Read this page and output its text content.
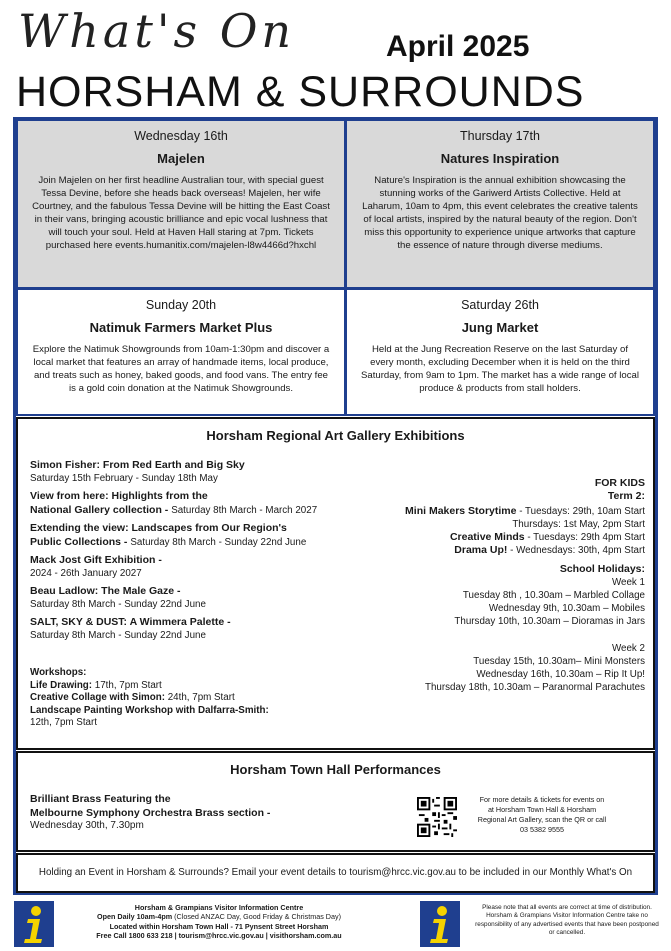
What's On	April 2025
HORSHAM & SURROUNDS
Wednesday 16th
Majelen
Join Majelen on her first headline Australian tour, with special guest Tessa Devine, before she heads back overseas! Majelen, her wife Courtney, and the fabulous Tessa Devine will be hitting the East Coast in their vans, bringing acoustic brilliance and epic vocal lushness that will touch your soul. Held at Haven Hall staring at 7pm. Tickets purchased here events.humanitix.com/majelen-l8w4466d?hxchl
Thursday 17th
Natures Inspiration
Nature's Inspiration is the annual exhibition showcasing the stunning works of the Gariwerd Artists Collective. Held at Laharum, 10am to 4pm, this event celebrates the creative talents of local artists, inspired by the natural beauty of the region. Don't miss this opportunity to experience unique artworks that capture the essence of nature through diverse mediums.
Sunday 20th
Natimuk Farmers Market Plus
Explore the Natimuk Showgrounds from 10am-1:30pm and discover a local market that features an array of handmade items, local produce, and treats such as honey, baked goods, and food vans. The entry fee is a gold coin donation at the Natimuk Showgrounds.
Saturday 26th
Jung Market
Held at the Jung Recreation Reserve on the last Saturday of every month, excluding December when it is held on the third Saturday, from 9am to 1pm. The market has a wide range of local produce & products from stall holders.
Horsham Regional Art Gallery Exhibitions
Simon Fisher: From Red Earth and Big Sky
Saturday 15th February - Sunday 18th May
View from here: Highlights from the
National Gallery collection - Saturday 8th March - March 2027
Extending the view: Landscapes from Our Region's
Public Collections - Saturday 8th March - Sunday 22nd June
Mack Jost Gift Exhibition -
2024 - 26th January 2027
Beau Ladlow: The Male Gaze -
Saturday 8th March - Sunday 22nd June
SALT, SKY & DUST: A Wimmera Palette -
Saturday 8th March - Sunday 22nd June
Workshops:
Life Drawing: 17th, 7pm Start
Creative Collage with Simon: 24th, 7pm Start
Landscape Painting Workshop with Dalfarra-Smith:
12th, 7pm Start
FOR KIDS
Term 2:

Mini Makers Storytime - Tuesdays: 29th, 10am Start
Thursdays: 1st May, 2pm Start
Creative Minds - Tuesdays: 29th 4pm Start
Drama Up! - Wednesdays: 30th, 4pm Start
School Holidays:
Week 1
Tuesday 8th , 10.30am – Marbled Collage
Wednesday 9th, 10.30am – Mobiles
Thursday 10th, 10.30am – Dioramas in Jars
Week 2
Tuesday 15th, 10.30am– Mini Monsters
Wednesday 16th, 10.30am – Rip It Up!
Thursday 18th, 10.30am – Paranormal Parachutes
Horsham Town Hall Performances
Brilliant Brass Featuring the
Melbourne Symphony Orchestra Brass section -
Wednesday 30th, 7.30pm
For more details & tickets for events on
at Horsham Town Hall & Horsham
Regional Art Gallery, scan the QR or call
03 5382 9555
Holding an Event in Horsham & Surrounds? Email your event details to tourism@hrcc.vic.gov.au to be included in our Monthly What's On
Horsham & Grampians Visitor Information Centre
Open Daily 10am-4pm (Closed ANZAC Day, Good Friday & Christmas Day)
Located within Horsham Town Hall - 71 Pynsent Street Horsham
Free Call 1800 633 218 | tourism@hrcc.vic.gov.au | visithorsham.com.au
Please note that all events are correct at time of distribution. Horsham & Grampians Visitor Information Centre take no responsibility of any advertised events that have been postponed or cancelled.
